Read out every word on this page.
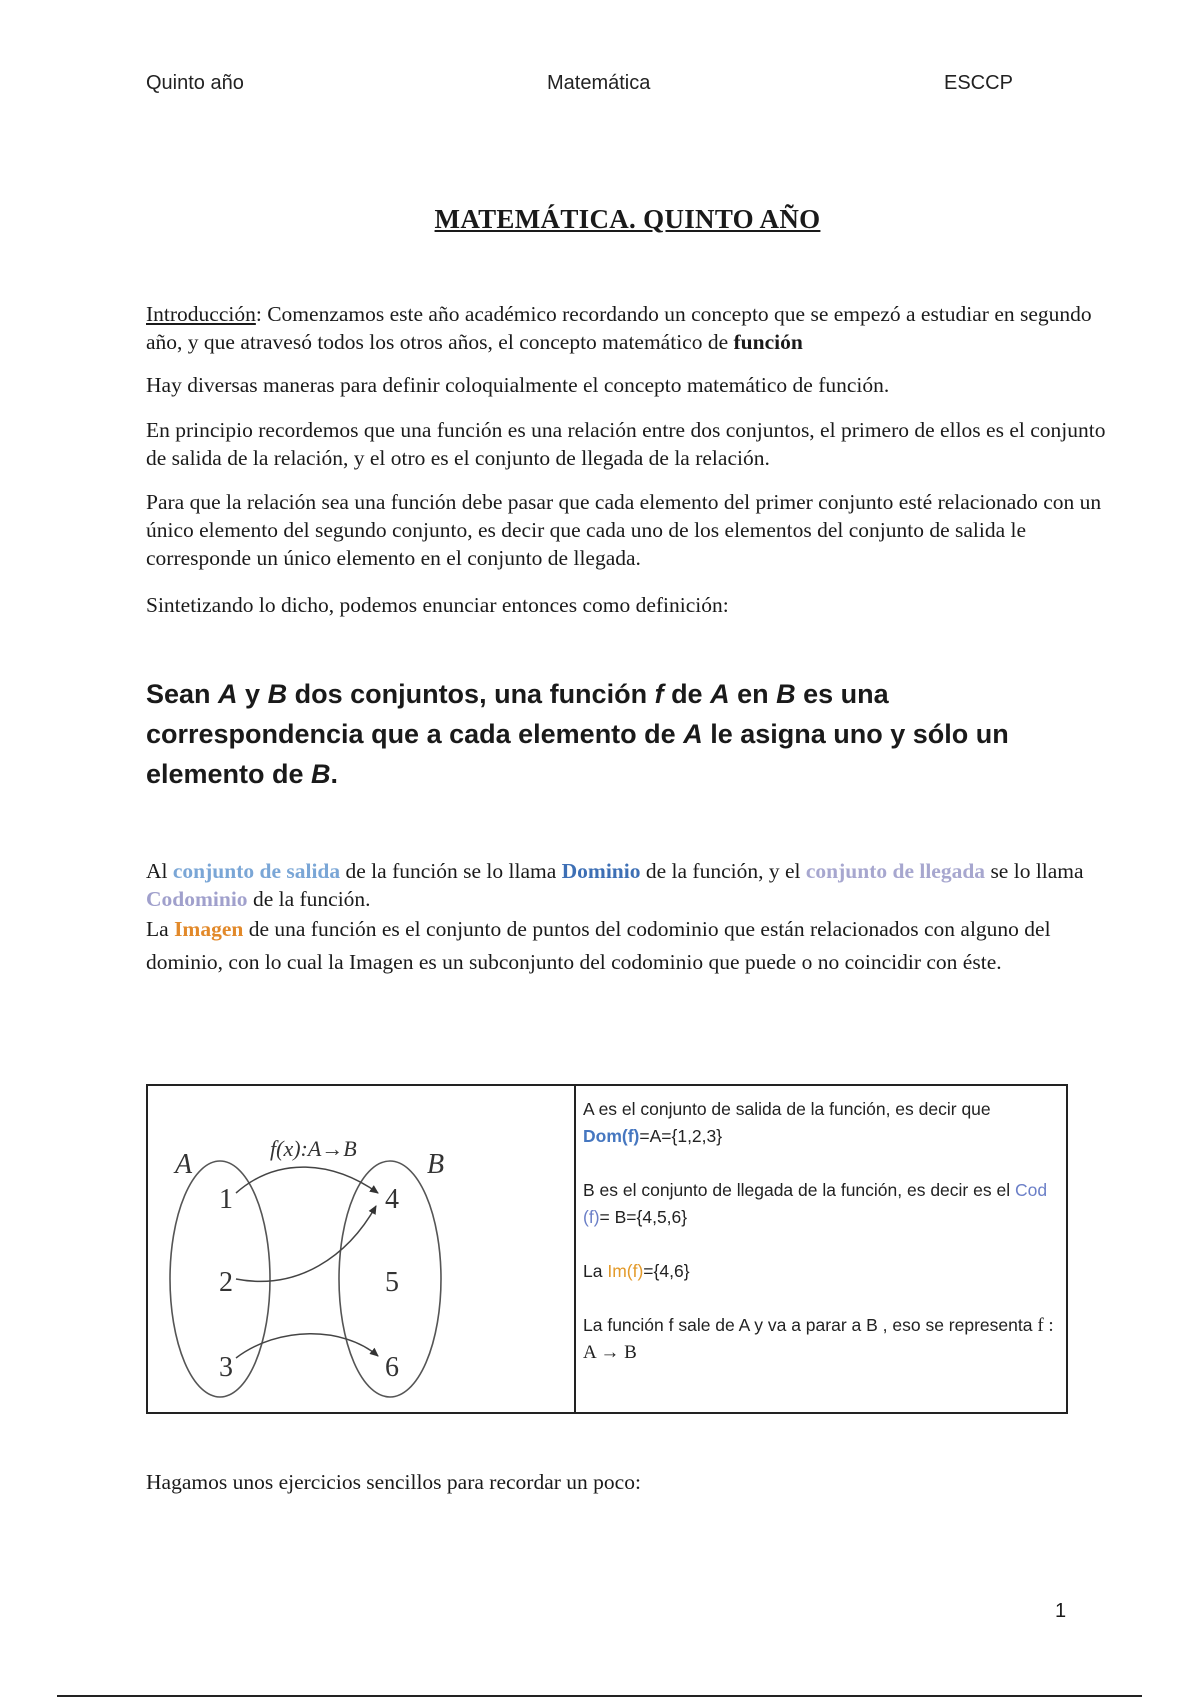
Quinto año	Matemática	ESCCP
MATEMÁTICA. QUINTO AÑO

Introducción: Comenzamos este año académico recordando un concepto que se empezó a estudiar en segundo año, y que atravesó todos los otros años, el concepto matemático de función

Hay diversas maneras para definir coloquialmente el concepto matemático de función.

En principio recordemos que una función es una relación entre dos conjuntos, el primero de ellos es el conjunto de salida de la relación, y el otro es el conjunto de llegada de la relación.

Para que la relación sea una función debe pasar que cada elemento del primer conjunto esté relacionado con un único elemento del segundo conjunto, es decir que cada uno de los elementos del conjunto de salida le corresponde un único elemento en el conjunto de llegada.

Sintetizando lo dicho, podemos enunciar entonces como definición:

Sean A y B dos conjuntos, una función f de A en B es una correspondencia que a cada elemento de A le asigna uno y sólo un elemento de B.

Al conjunto de salida de la función se lo llama Dominio de la función, y el conjunto de llegada se lo llama Codominio de la función.

La Imagen de una función es el conjunto de puntos del codominio que están relacionados con alguno del dominio, con lo cual la Imagen es un subconjunto del codominio que puede o no coincidir con éste.

A	B
f(x):A→B
1
2
3
4
5
6

A es el conjunto de salida de la función, es decir que Dom(f)=A={1,2,3}

B es el conjunto de llegada de la función, es decir es el Cod (f)= B={4,5,6}

La Im(f)={4,6}

La función f sale de A y va a parar a B , eso se representa f : A → B

Hagamos unos ejercicios sencillos para recordar un poco:

1
